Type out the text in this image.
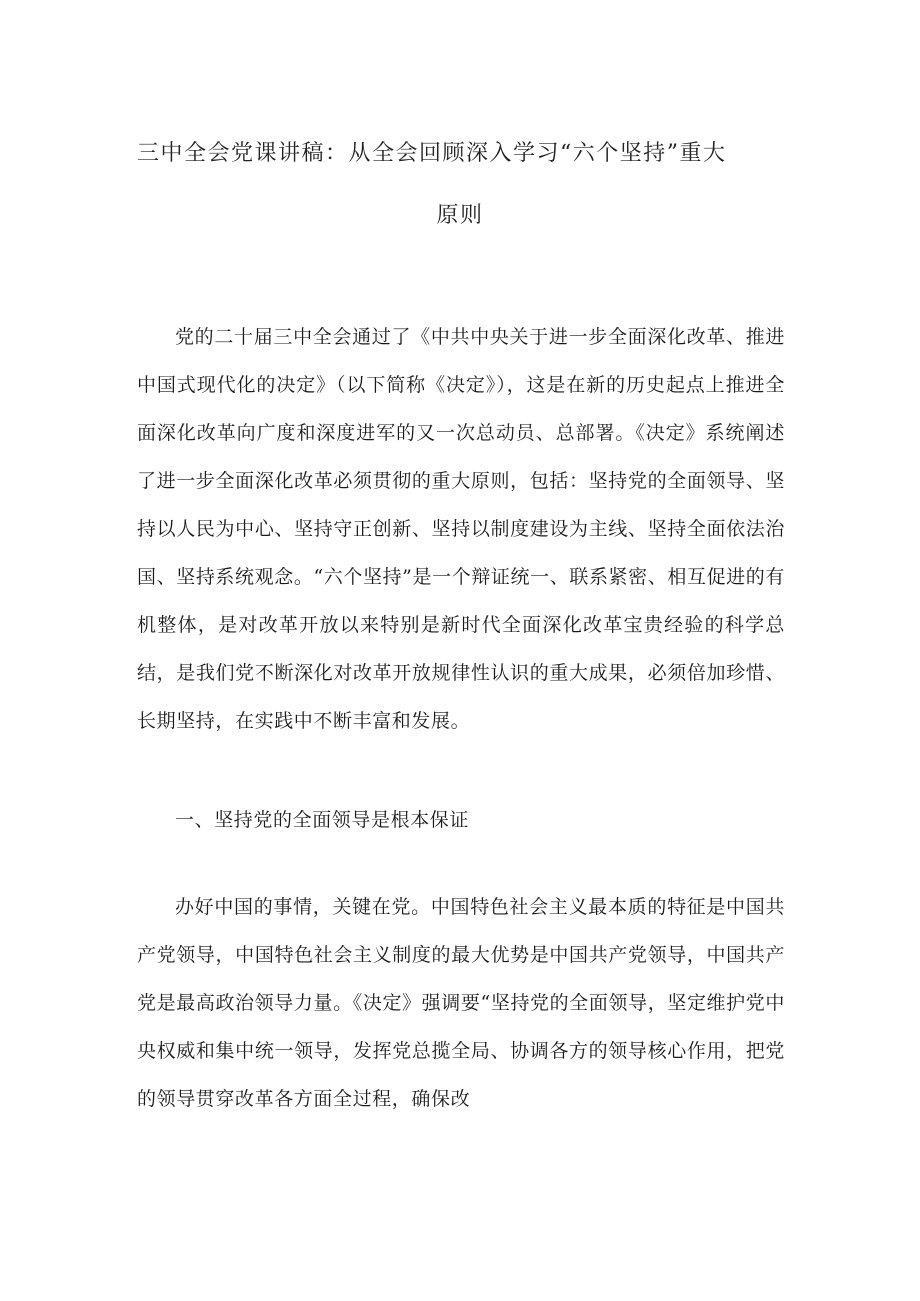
三中全会党课讲稿：从全会回顾深入学习“六个坚持”重大
原则

党的二十届三中全会通过了《中共中央关于进一步全面深化改革、推进中国式现代化的决定》（以下简称《决定》），这是在新的历史起点上推进全面深化改革向广度和深度进军的又一次总动员、总部署。《决定》系统阐述了进一步全面深化改革必须贯彻的重大原则，包括：坚持党的全面领导、坚持以人民为中心、坚持守正创新、坚持以制度建设为主线、坚持全面依法治国、坚持系统观念。“六个坚持”是一个辩证统一、联系紧密、相互促进的有机整体，是对改革开放以来特别是新时代全面深化改革宝贵经验的科学总结，是我们党不断深化对改革开放规律性认识的重大成果，必须倍加珍惜、长期坚持，在实践中不断丰富和发展。

一、坚持党的全面领导是根本保证

办好中国的事情，关键在党。中国特色社会主义最本质的特征是中国共产党领导，中国特色社会主义制度的最大优势是中国共产党领导，中国共产党是最高政治领导力量。《决定》强调要“坚持党的全面领导，坚定维护党中央权威和集中统一领导，发挥党总揽全局、协调各方的领导核心作用，把党的领导贯穿改革各方面全过程，确保改
